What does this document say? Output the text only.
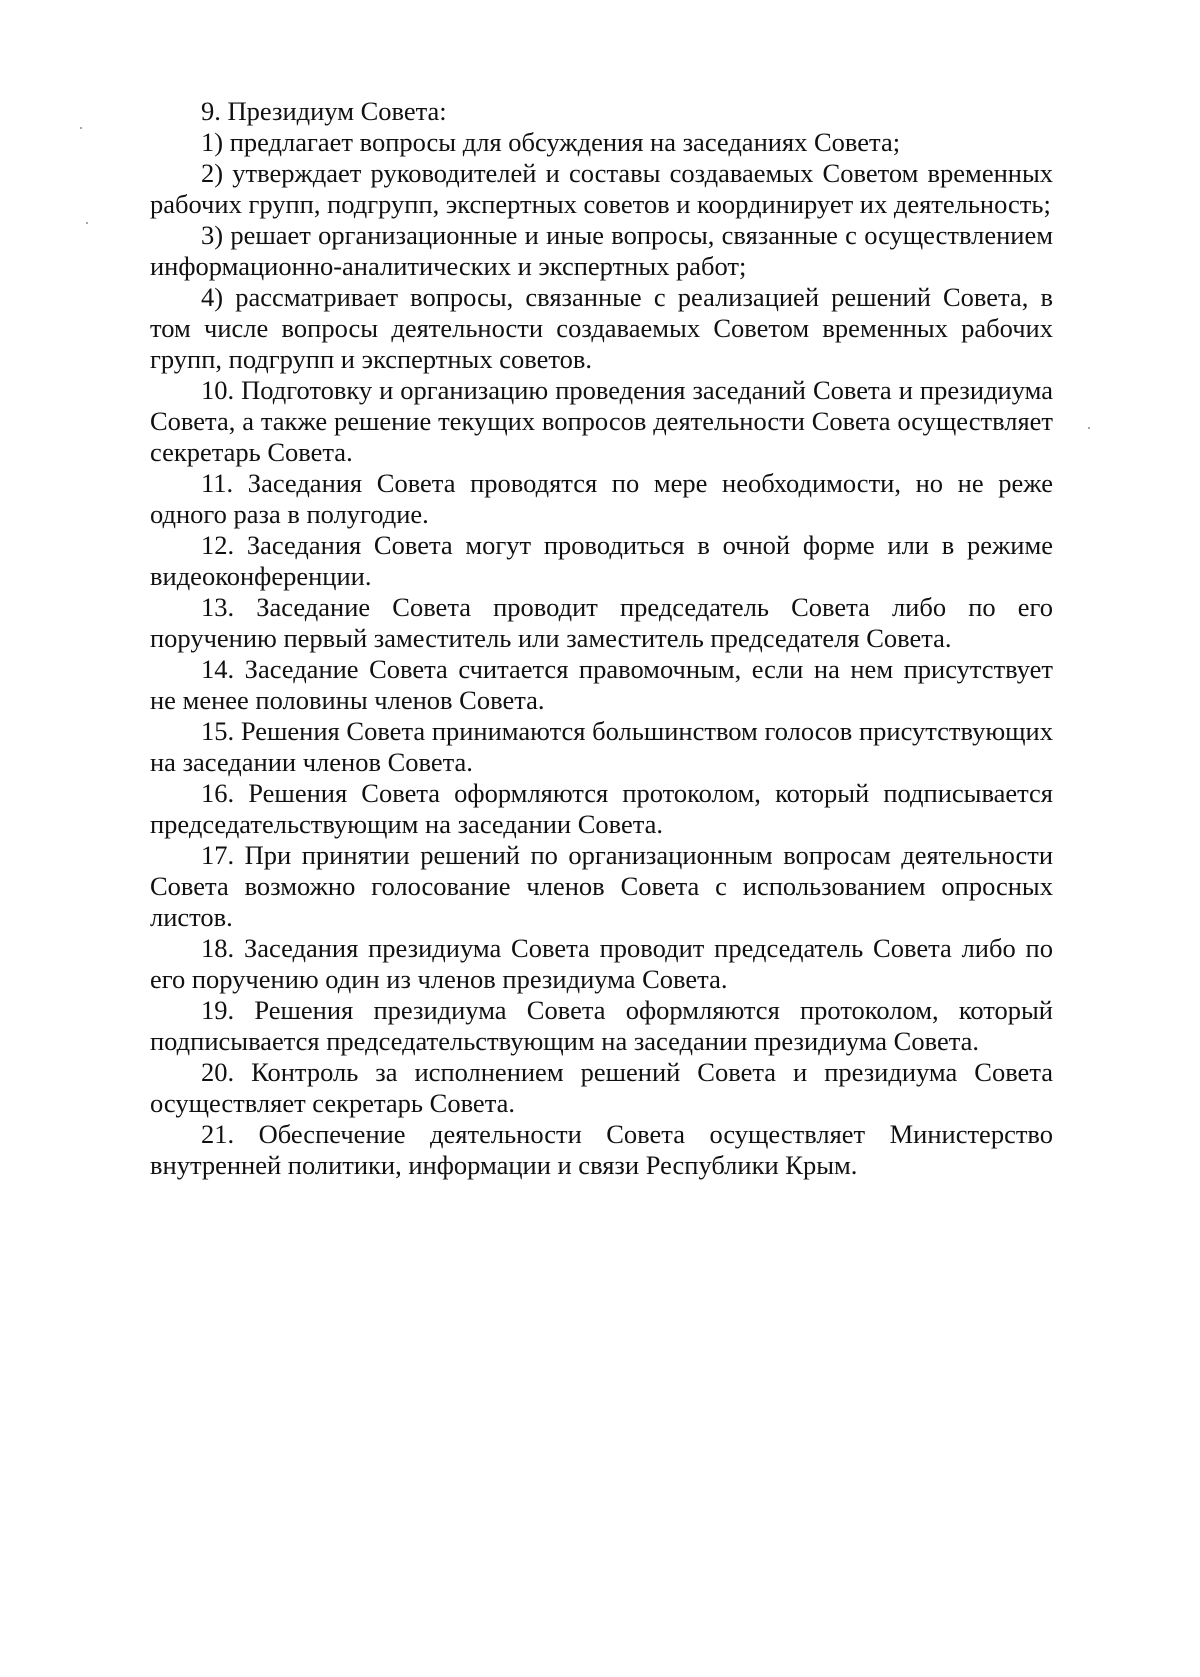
9. Президиум Совета:

1) предлагает вопросы для обсуждения на заседаниях Совета;

2) утверждает руководителей и составы создаваемых Советом временных рабочих групп, подгрупп, экспертных советов и координирует их деятельность;

3) решает организационные и иные вопросы, связанные с осуществлением информационно-аналитических и экспертных работ;

4) рассматривает вопросы, связанные с реализацией решений Совета, в том числе вопросы деятельности создаваемых Советом временных рабочих групп, подгрупп и экспертных советов.

10. Подготовку и организацию проведения заседаний Совета и президиума Совета, а также решение текущих вопросов деятельности Совета осуществляет секретарь Совета.

11. Заседания Совета проводятся по мере необходимости, но не реже одного раза в полугодие.

12. Заседания Совета могут проводиться в очной форме или в режиме видеоконференции.

13. Заседание Совета проводит председатель Совета либо по его поручению первый заместитель или заместитель председателя Совета.

14. Заседание Совета считается правомочным, если на нем присутствует не менее половины членов Совета.

15. Решения Совета принимаются большинством голосов присутствующих на заседании членов Совета.

16. Решения Совета оформляются протоколом, который подписывается председательствующим на заседании Совета.

17. При принятии решений по организационным вопросам деятельности Совета возможно голосование членов Совета с использованием опросных листов.

18. Заседания президиума Совета проводит председатель Совета либо по его поручению один из членов президиума Совета.

19. Решения президиума Совета оформляются протоколом, который подписывается председательствующим на заседании президиума Совета.

20. Контроль за исполнением решений Совета и президиума Совета осуществляет секретарь Совета.

21. Обеспечение деятельности Совета осуществляет Министерство внутренней политики, информации и связи Республики Крым.
